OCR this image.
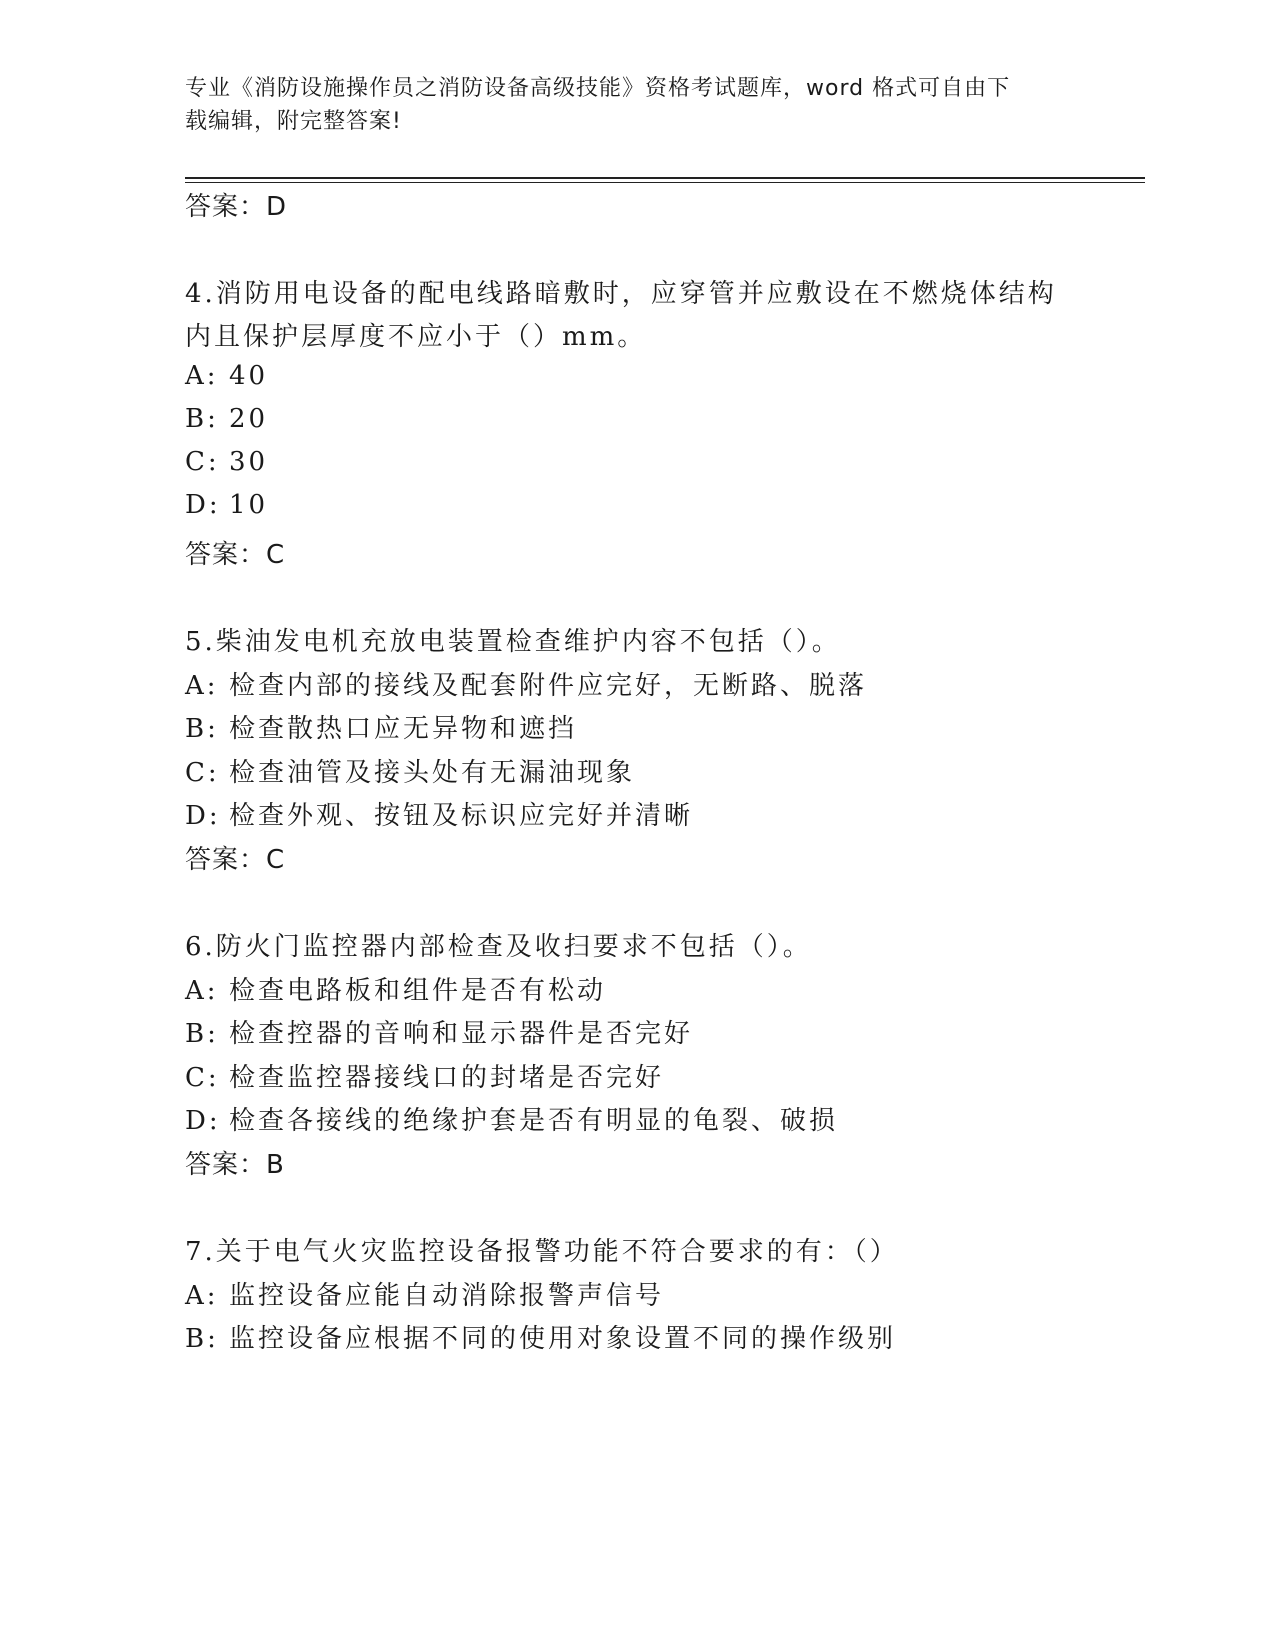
专业《消防设施操作员之消防设备高级技能》资格考试题库，word 格式可自由下
载编辑，附完整答案!
答案：D
4.消防用电设备的配电线路暗敷时，应穿管并应敷设在不燃烧体结构
内且保护层厚度不应小于（）mm。
A: 40
B: 20
C: 30
D: 10
答案：C
5.柴油发电机充放电装置检查维护内容不包括（）。
A: 检查内部的接线及配套附件应完好，无断路、脱落
B: 检查散热口应无异物和遮挡
C: 检查油管及接头处有无漏油现象
D: 检查外观、按钮及标识应完好并清晰
答案：C
6.防火门监控器内部检查及收扫要求不包括（）。
A: 检查电路板和组件是否有松动
B: 检查控器的音响和显示器件是否完好
C: 检查监控器接线口的封堵是否完好
D: 检查各接线的绝缘护套是否有明显的龟裂、破损
答案：B
7.关于电气火灾监控设备报警功能不符合要求的有：（）
A: 监控设备应能自动消除报警声信号
B: 监控设备应根据不同的使用对象设置不同的操作级别
